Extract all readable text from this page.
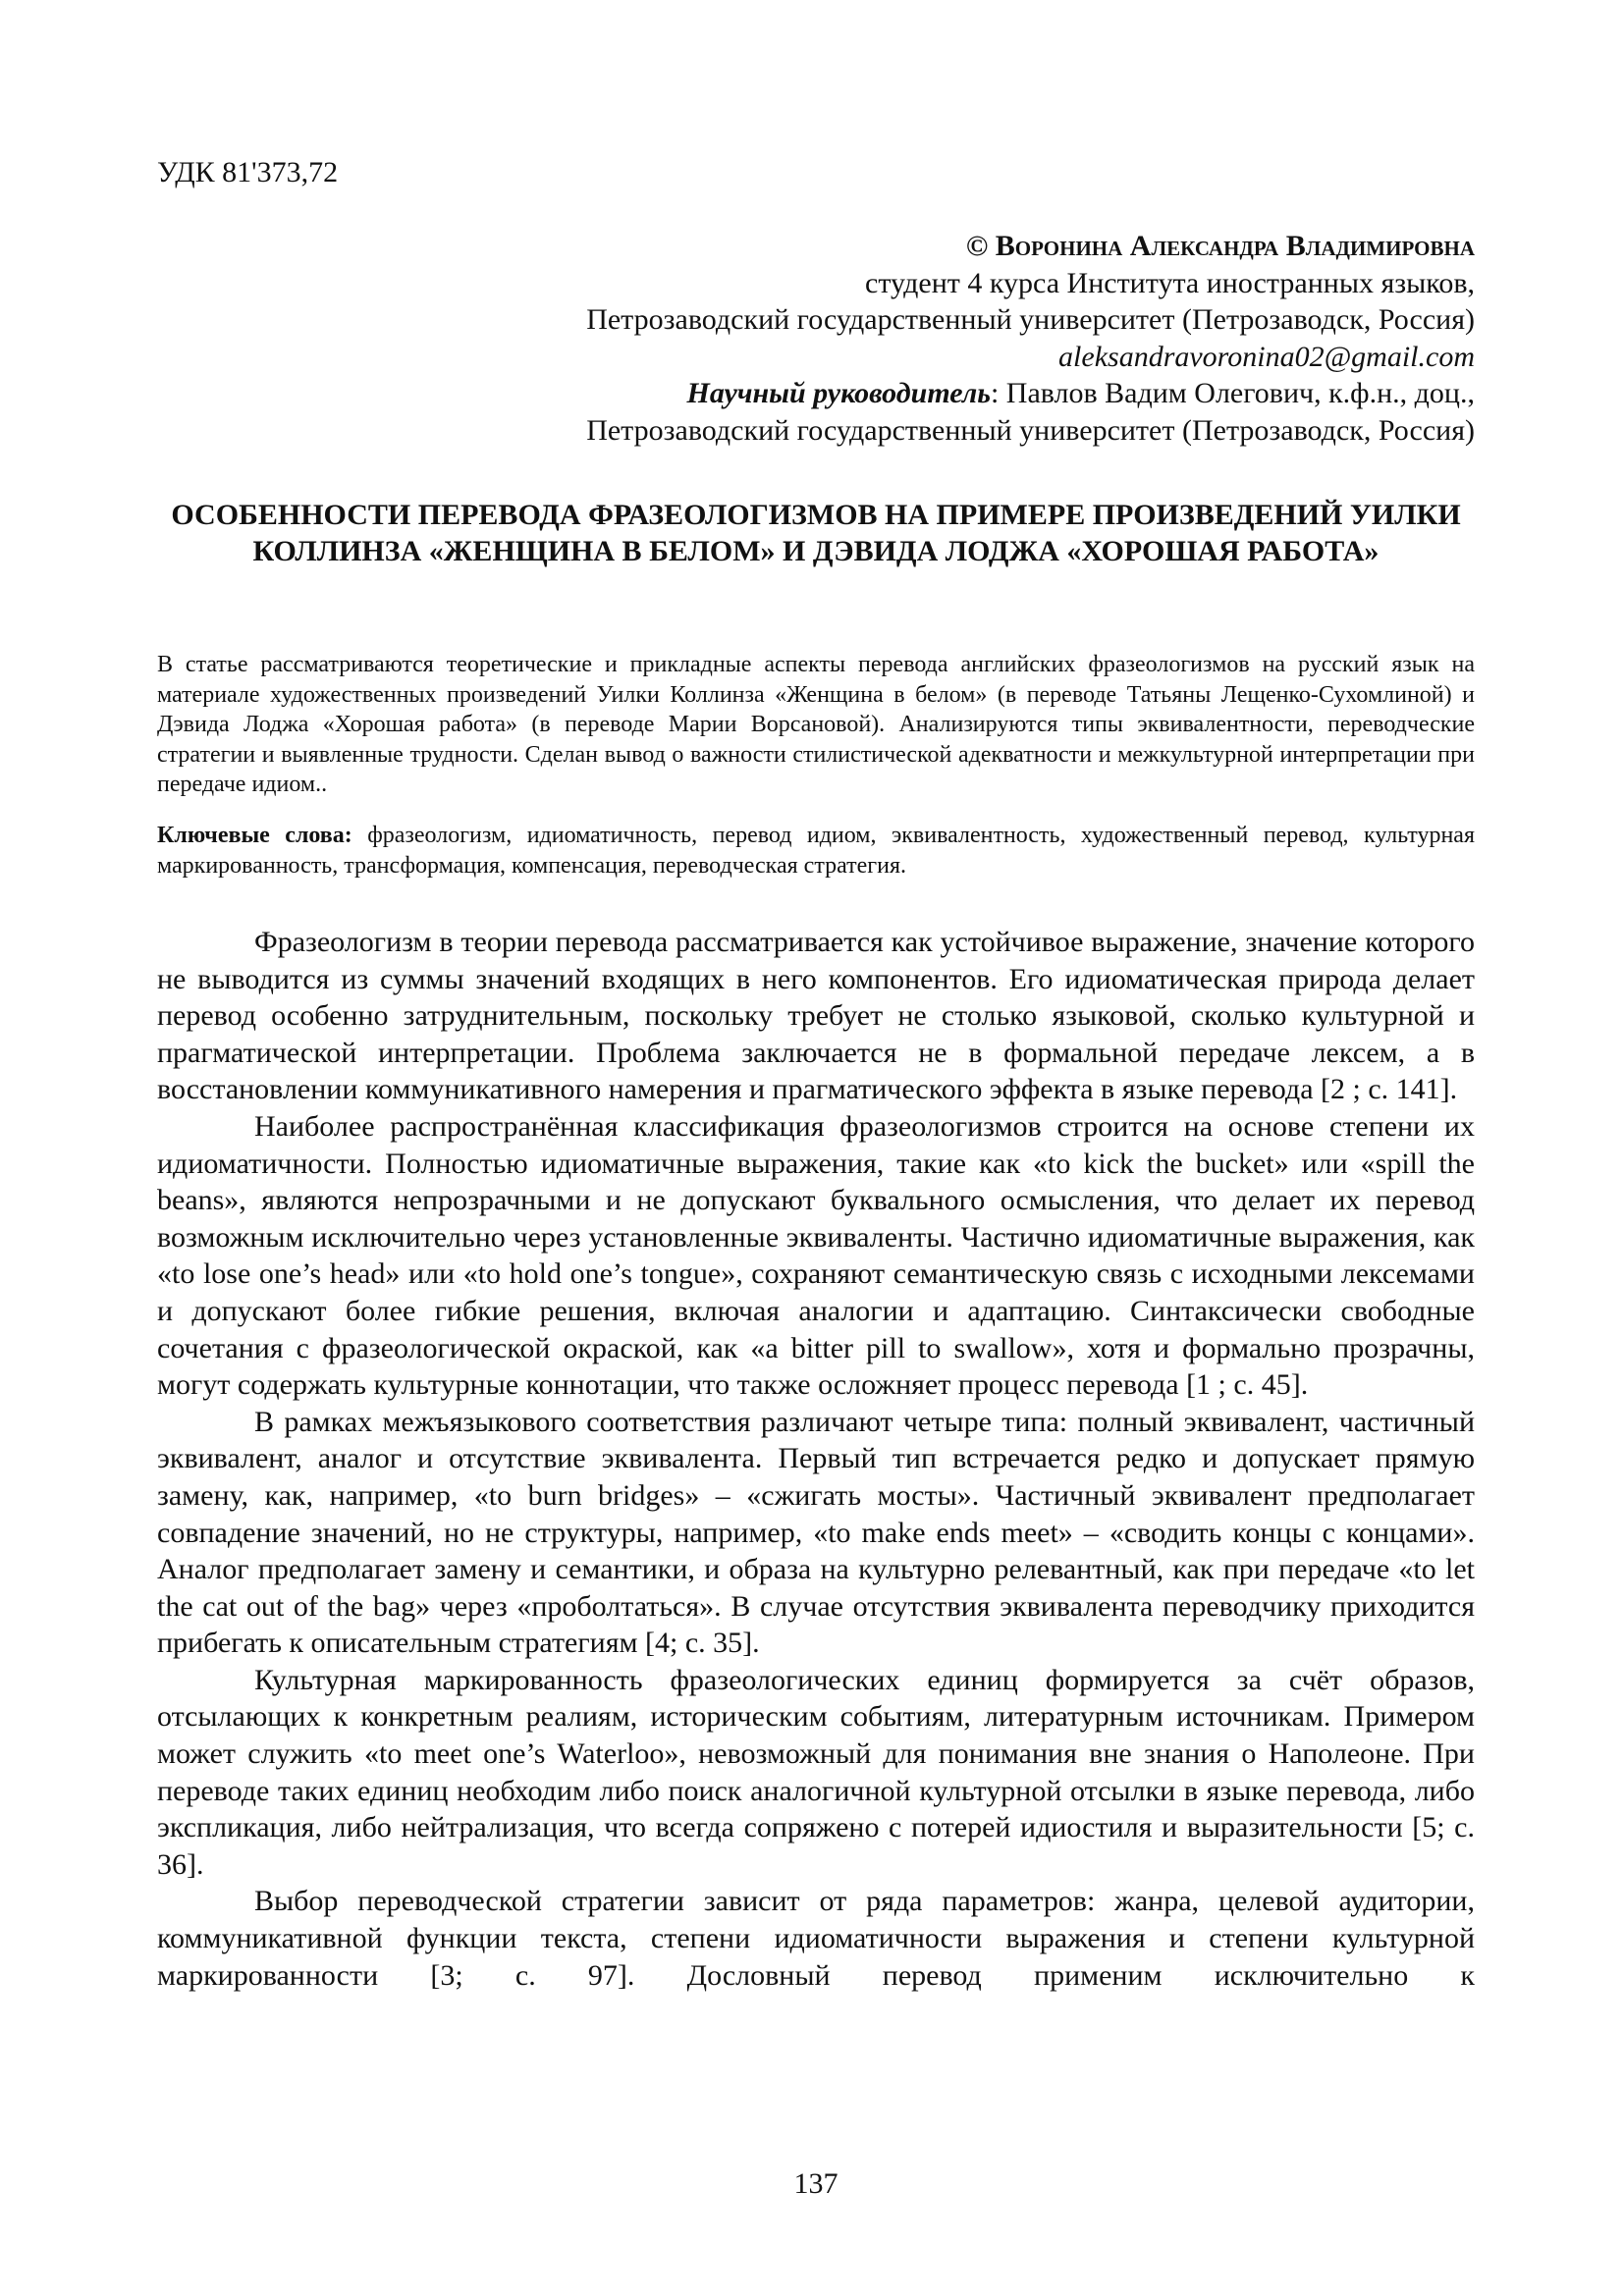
УДК 81'373,72
© Воронина Александра Владимировна
студент 4 курса Института иностранных языков,
Петрозаводский государственный университет (Петрозаводск, Россия)
aleksandravoronina02@gmail.com
Научный руководитель: Павлов Вадим Олегович, к.ф.н., доц.,
Петрозаводский государственный университет (Петрозаводск, Россия)
ОСОБЕННОСТИ ПЕРЕВОДА ФРАЗЕОЛОГИЗМОВ НА ПРИМЕРЕ ПРОИЗВЕДЕНИЙ УИЛКИ КОЛЛИНЗА «ЖЕНЩИНА В БЕЛОМ» И ДЭВИДА ЛОДЖА «ХОРОШАЯ РАБОТА»
В статье рассматриваются теоретические и прикладные аспекты перевода английских фразеологизмов на русский язык на материале художественных произведений Уилки Коллинза «Женщина в белом» (в переводе Татьяны Лещенко-Сухомлиной) и Дэвида Лоджа «Хорошая работа» (в переводе Марии Ворсановой). Анализируются типы эквивалентности, переводческие стратегии и выявленные трудности. Сделан вывод о важности стилистической адекватности и межкультурной интерпретации при передаче идиом..
Ключевые слова: фразеологизм, идиоматичность, перевод идиом, эквивалентность, художественный перевод, культурная маркированность, трансформация, компенсация, переводческая стратегия.

Фразеологизм в теории перевода рассматривается как устойчивое выражение, значение которого не выводится из суммы значений входящих в него компонентов. Его идиоматическая природа делает перевод особенно затруднительным, поскольку требует не столько языковой, сколько культурной и прагматической интерпретации. Проблема заключается не в формальной передаче лексем, а в восстановлении коммуникативного намерения и прагматического эффекта в языке перевода [2 ; с. 141].

Наиболее распространённая классификация фразеологизмов строится на основе степени их идиоматичности. Полностью идиоматичные выражения, такие как «to kick the bucket» или «spill the beans», являются непрозрачными и не допускают буквального осмысления, что делает их перевод возможным исключительно через установленные эквиваленты. Частично идиоматичные выражения, как «to lose one’s head» или «to hold one’s tongue», сохраняют семантическую связь с исходными лексемами и допускают более гибкие решения, включая аналогии и адаптацию. Синтаксически свободные сочетания с фразеологической окраской, как «a bitter pill to swallow», хотя и формально прозрачны, могут содержать культурные коннотации, что также осложняет процесс перевода [1 ; с. 45].

В рамках межъязыкового соответствия различают четыре типа: полный эквивалент, частичный эквивалент, аналог и отсутствие эквивалента. Первый тип встречается редко и допускает прямую замену, как, например, «to burn bridges» – «сжигать мосты». Частичный эквивалент предполагает совпадение значений, но не структуры, например, «to make ends meet» – «сводить концы с концами». Аналог предполагает замену и семантики, и образа на культурно релевантный, как при передаче «to let the cat out of the bag» через «проболтаться». В случае отсутствия эквивалента переводчику приходится прибегать к описательным стратегиям [4; с. 35].

Культурная маркированность фразеологических единиц формируется за счёт образов, отсылающих к конкретным реалиям, историческим событиям, литературным источникам. Примером может служить «to meet one’s Waterloo», невозможный для понимания вне знания о Наполеоне. При переводе таких единиц необходим либо поиск аналогичной культурной отсылки в языке перевода, либо экспликация, либо нейтрализация, что всегда сопряжено с потерей идиостиля и выразительности [5; с. 36].

Выбор переводческой стратегии зависит от ряда параметров: жанра, целевой аудитории, коммуникативной функции текста, степени идиоматичности выражения и степени культурной маркированности [3; с. 97]. Дословный перевод применим исключительно к

137
